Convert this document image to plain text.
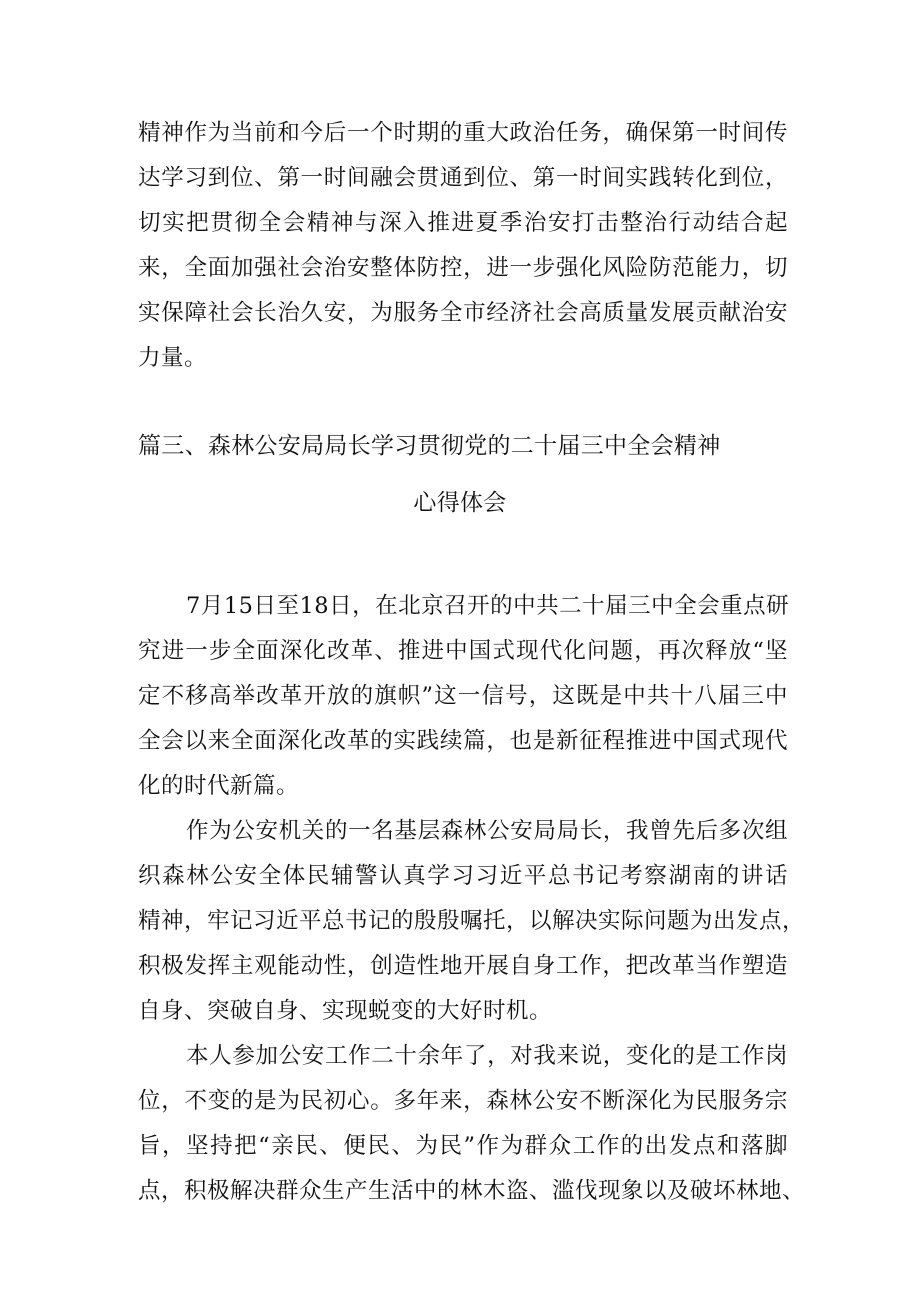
精神作为当前和今后一个时期的重大政治任务，确保第一时间传
达学习到位、第一时间融会贯通到位、第一时间实践转化到位，
切实把贯彻全会精神与深入推进夏季治安打击整治行动结合起
来，全面加强社会治安整体防控，进一步强化风险防范能力，切
实保障社会长治久安，为服务全市经济社会高质量发展贡献治安
力量。
篇三、森林公安局局长学习贯彻党的二十届三中全会精神
心得体会
7月15日至18日，在北京召开的中共二十届三中全会重点研
究进一步全面深化改革、推进中国式现代化问题，再次释放“坚
定不移高举改革开放的旗帜”这一信号，这既是中共十八届三中
全会以来全面深化改革的实践续篇，也是新征程推进中国式现代
化的时代新篇。
作为公安机关的一名基层森林公安局局长，我曾先后多次组
织森林公安全体民辅警认真学习习近平总书记考察湖南的讲话
精神，牢记习近平总书记的殷殷嘱托，以解决实际问题为出发点，
积极发挥主观能动性，创造性地开展自身工作，把改革当作塑造
自身、突破自身、实现蜕变的大好时机。
本人参加公安工作二十余年了，对我来说，变化的是工作岗
位，不变的是为民初心。多年来，森林公安不断深化为民服务宗
旨，坚持把“亲民、便民、为民”作为群众工作的出发点和落脚
点，积极解决群众生产生活中的林木盗、滥伐现象以及破坏林地、
